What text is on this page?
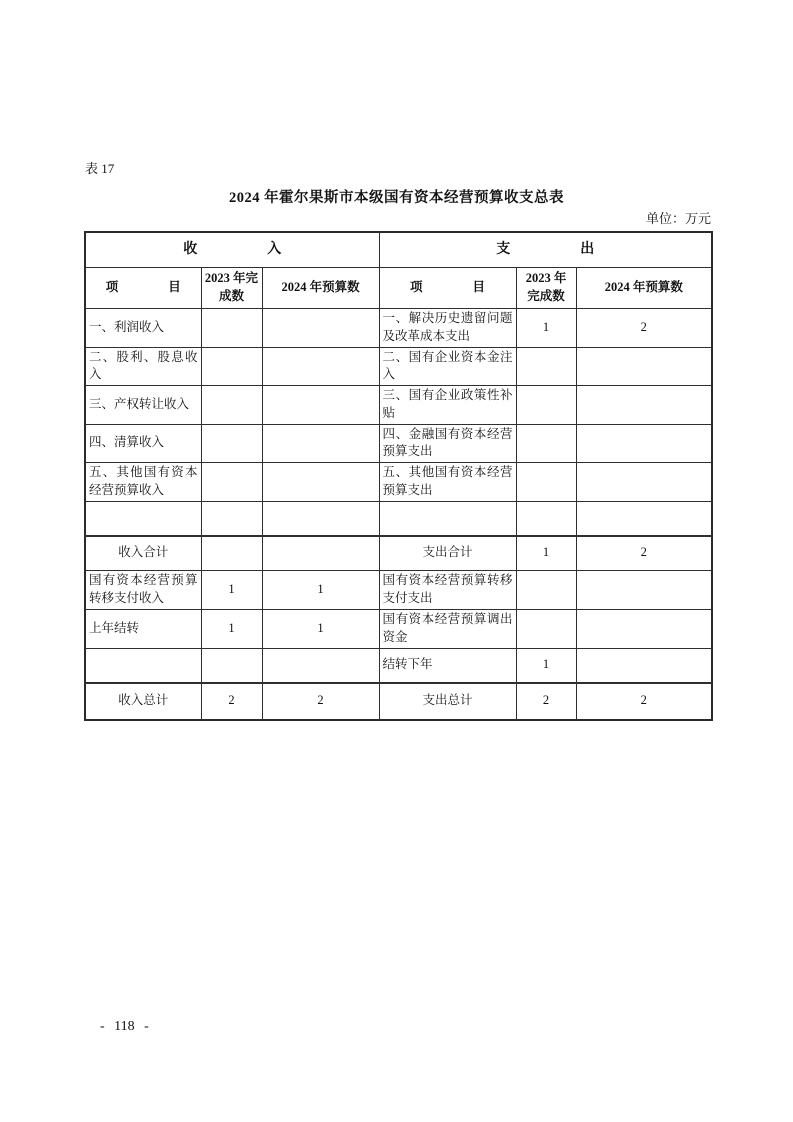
表 17
2024 年霍尔果斯市本级国有资本经营预算收支总表
单位：万元
收　　　　　入			支　　　　　出		
项　　　　目	2023 年完成数	2024 年预算数	项　　　　目	2023 年完成数	2024 年预算数
一、利润收入			一、解决历史遗留问题及改革成本支出	1	2
二、股利、股息收入			二、国有企业资本金注入		
三、产权转让收入			三、国有企业政策性补贴		
四、清算收入			四、金融国有资本经营预算支出		
五、其他国有资本经营预算收入			五、其他国有资本经营预算支出		

收入合计			支出合计	1	2
国有资本经营预算转移支付收入	1	1	国有资本经营预算转移支付支出		
上年结转	1	1	国有资本经营预算调出资金		
			结转下年	1	
收入总计	2	2	支出总计	2	2
- 118 -
